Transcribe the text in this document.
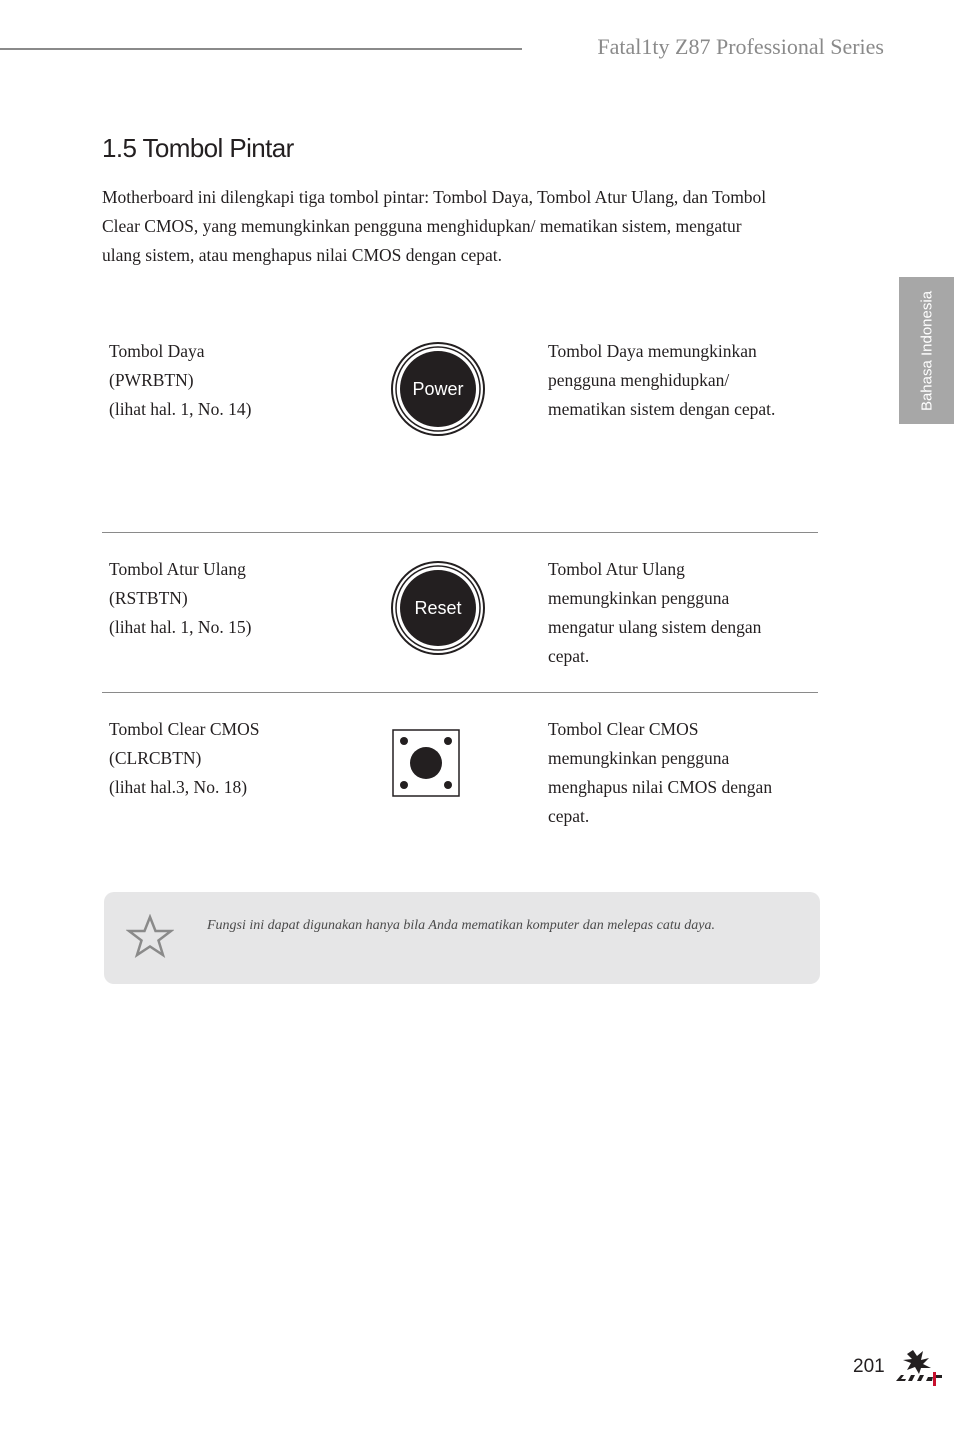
Fatal1ty Z87 Professional Series
Bahasa Indonesia
1.5 Tombol Pintar

Motherboard ini dilengkapi tiga tombol pintar: Tombol Daya, Tombol Atur Ulang, dan Tombol Clear CMOS, yang memungkinkan pengguna menghidupkan/ mematikan sistem, mengatur ulang sistem, atau menghapus nilai CMOS dengan cepat.

Tombol Daya
(PWRBTN)
(lihat hal. 1, No. 14)
Tombol Daya memungkinkan pengguna menghidupkan/ mematikan sistem dengan cepat.
Power
Tombol Atur Ulang
(RSTBTN)
(lihat hal. 1, No. 15)
Tombol Atur Ulang memungkinkan pengguna mengatur ulang sistem dengan cepat.
Reset
Tombol Clear CMOS
(CLRCBTN)
(lihat hal.3, No. 18)
Tombol Clear CMOS memungkinkan pengguna menghapus nilai CMOS dengan cepat.
Fungsi ini dapat digunakan hanya bila Anda mematikan komputer dan melepas catu daya.
201
